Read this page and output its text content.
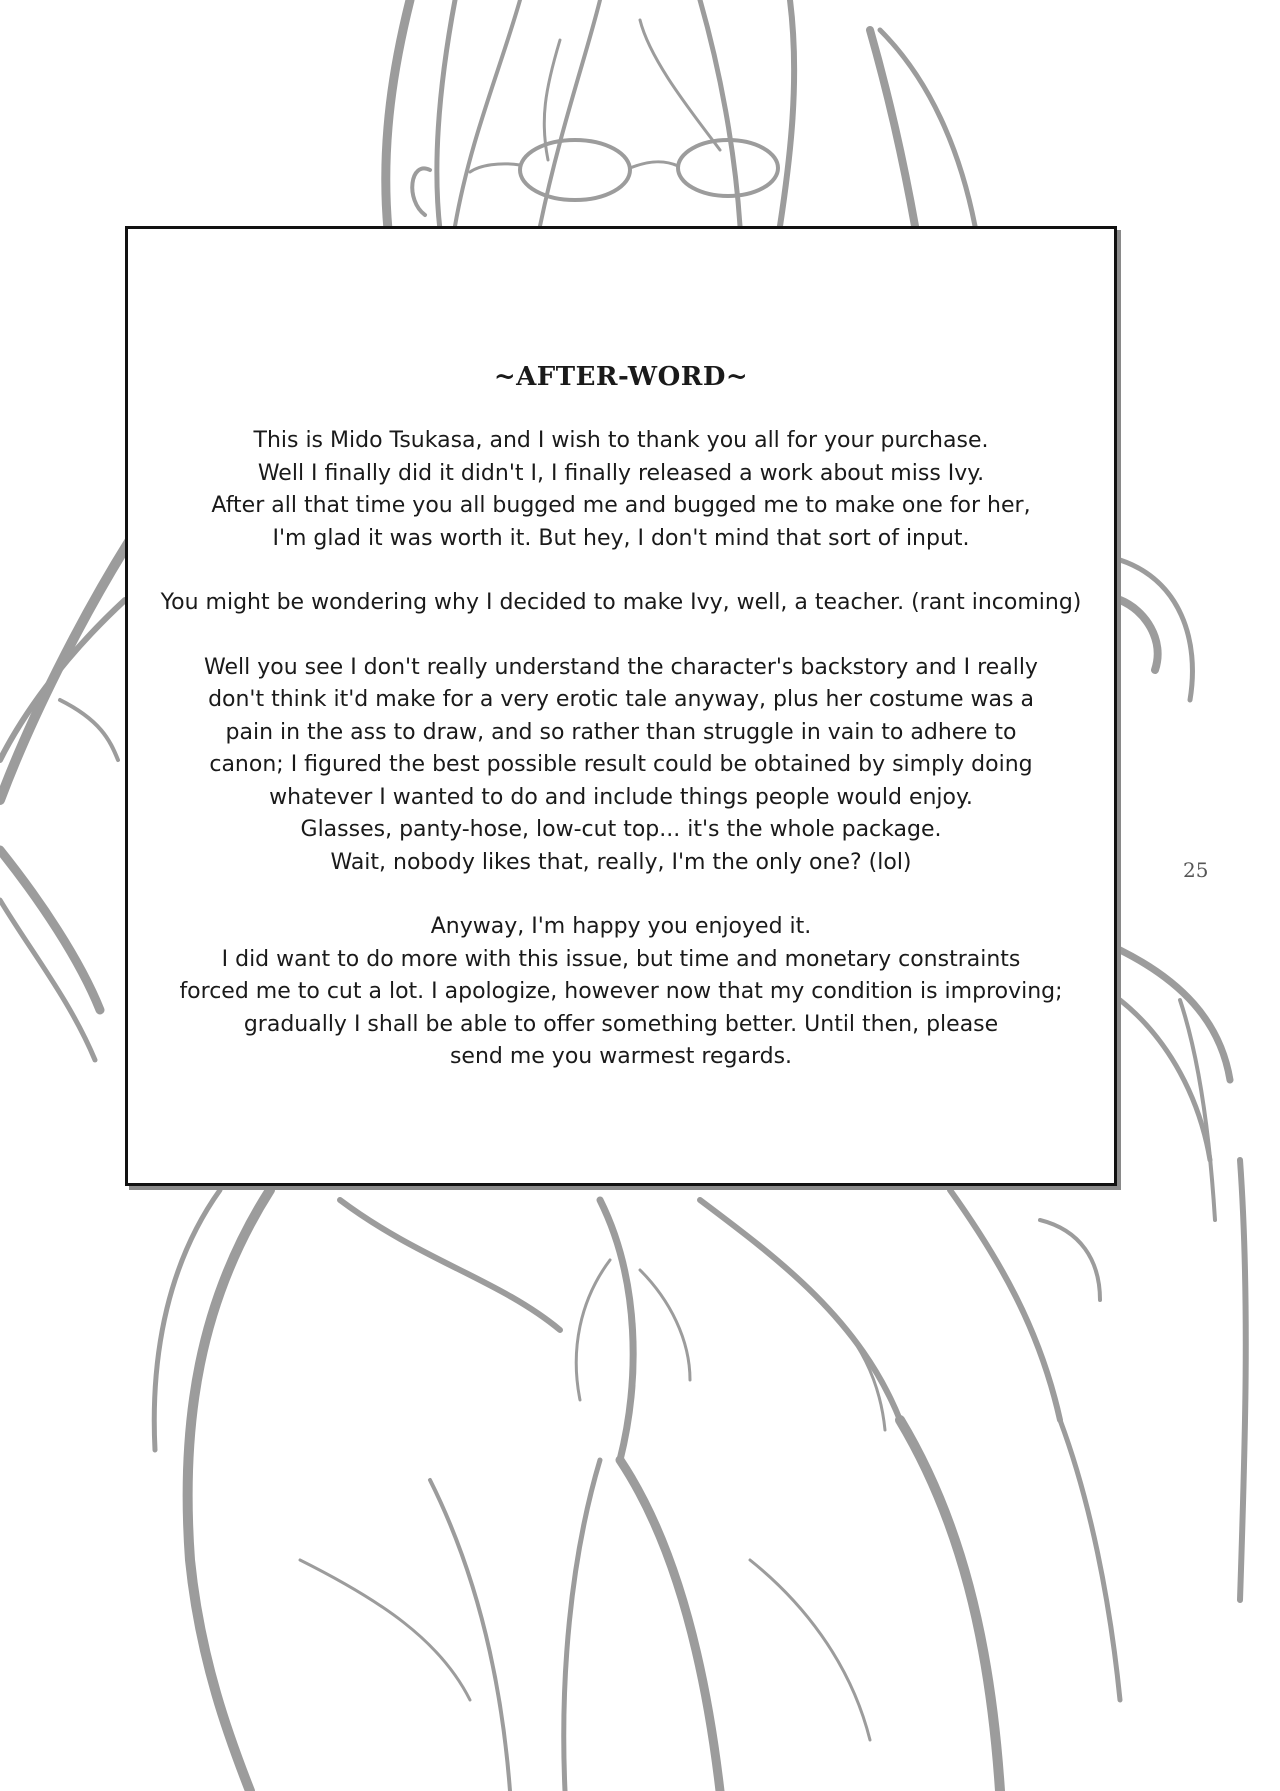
~AFTER-WORD~

This is Mido Tsukasa, and I wish to thank you all for your purchase.
Well I finally did it didn't I, I finally released a work about miss Ivy.
After all that time you all bugged me and bugged me to make one for her,
I'm glad it was worth it. But hey, I don't mind that sort of input.

You might be wondering why I decided to make Ivy, well, a teacher. (rant incoming)

Well you see I don't really understand the character's backstory and I really
don't think it'd make for a very erotic tale anyway, plus her costume was a
pain in the ass to draw, and so rather than struggle in vain to adhere to
canon; I figured the best possible result could be obtained by simply doing
whatever I wanted to do and include things people would enjoy.
Glasses, panty-hose, low-cut top... it's the whole package.
Wait, nobody likes that, really, I'm the only one? (lol)

Anyway, I'm happy you enjoyed it.
I did want to do more with this issue, but time and monetary constraints
forced me to cut a lot. I apologize, however now that my condition is improving;
gradually I shall be able to offer something better. Until then, please
send me you warmest regards.

25
